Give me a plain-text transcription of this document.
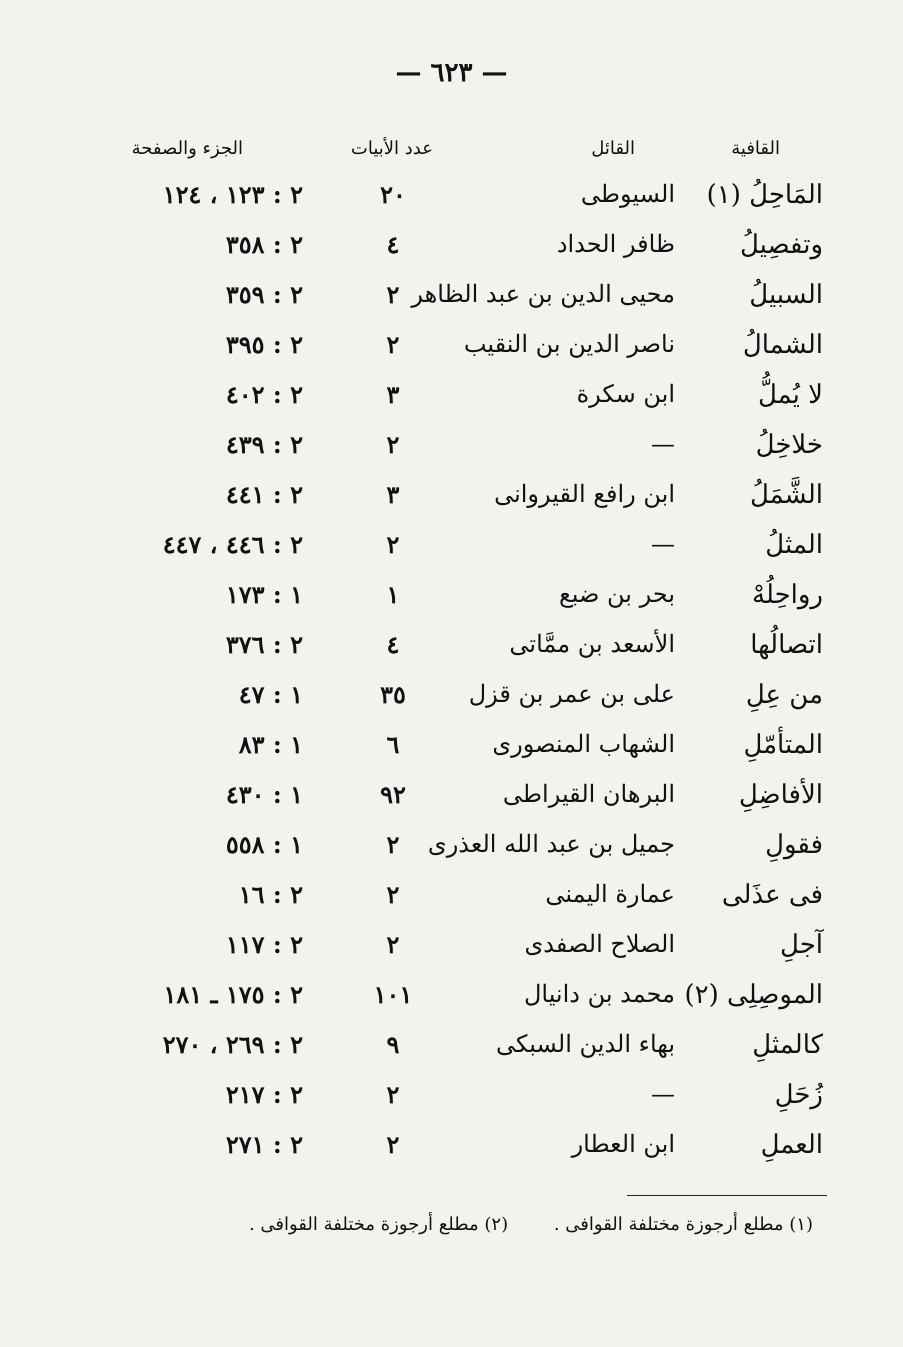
— ٦٢٣ —
القافية
القائل
عدد الأبيات
الجزء والصفحة
المَاحِلُ (١)
السيوطى
٢٠
٢ : ١٢٣ ، ١٢٤
وتفصِيلُ
ظافر الحداد
٤
٢ : ٣٥٨
السبيلُ
محيى الدين بن عبد الظاهر
٢
٢ : ٣٥٩
الشمالُ
ناصر الدين بن النقيب
٢
٢ : ٣٩٥
لا يُملُّ
ابن سكرة
٣
٢ : ٤٠٢
خلاخِلُ
—
٢
٢ : ٤٣٩
الشَّمَلُ
ابن رافع القيروانى
٣
٢ : ٤٤١
المثلُ
—
٢
٢ : ٤٤٦ ، ٤٤٧
رواحِلُهْ
بحر بن ضبع
١
١ : ١٧٣
اتصالُها
الأسعد بن ممَّاتى
٤
٢ : ٣٧٦
من عِلِ
على بن عمر بن قزل
٣٥
١ : ٤٧
المتأمّلِ
الشهاب المنصورى
٦
١ : ٨٣
الأفاضِلِ
البرهان القيراطى
٩٢
١ : ٤٣٠
فقولِ
جميل بن عبد الله العذرى
٢
١ : ٥٥٨
فى عذَلى
عمارة اليمنى
٢
٢ : ١٦
آجلِ
الصلاح الصفدى
٢
٢ : ١١٧
الموصِلِى (٢)
محمد بن دانيال
١٠١
٢ : ١٧٥ ـ ١٨١
كالمثلِ
بهاء الدين السبكى
٩
٢ : ٢٦٩ ، ٢٧٠
زُحَلِ
—
٢
٢ : ٢١٧
العملِ
ابن العطار
٢
٢ : ٢٧١
(١) مطلع أرجوزة مختلفة القوافى . (٢) مطلع أرجوزة مختلفة القوافى .
